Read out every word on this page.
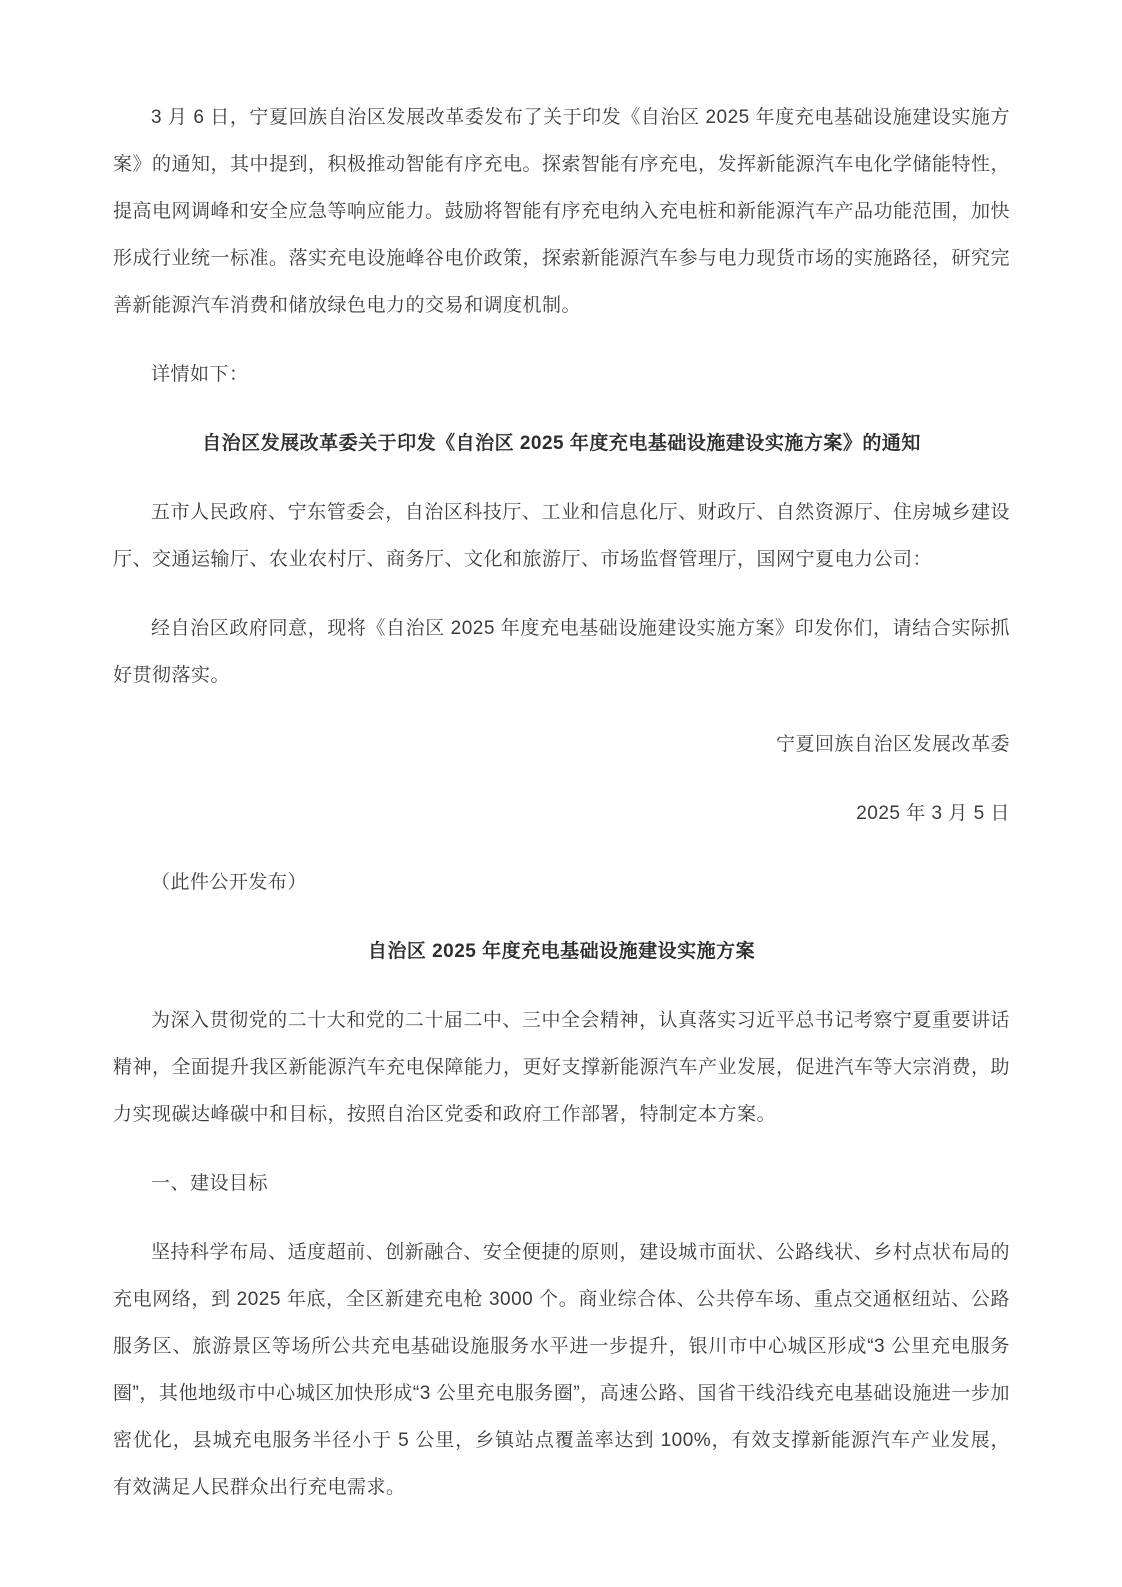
3 月 6 日，宁夏回族自治区发展改革委发布了关于印发《自治区 2025 年度充电基础设施建设实施方案》的通知，其中提到，积极推动智能有序充电。探索智能有序充电，发挥新能源汽车电化学储能特性，提高电网调峰和安全应急等响应能力。鼓励将智能有序充电纳入充电桩和新能源汽车产品功能范围，加快形成行业统一标准。落实充电设施峰谷电价政策，探索新能源汽车参与电力现货市场的实施路径，研究完善新能源汽车消费和储放绿色电力的交易和调度机制。

详情如下：

自治区发展改革委关于印发《自治区 2025 年度充电基础设施建设实施方案》的通知

五市人民政府、宁东管委会，自治区科技厅、工业和信息化厅、财政厅、自然资源厅、住房城乡建设厅、交通运输厅、农业农村厅、商务厅、文化和旅游厅、市场监督管理厅，国网宁夏电力公司：

经自治区政府同意，现将《自治区 2025 年度充电基础设施建设实施方案》印发你们，请结合实际抓好贯彻落实。

宁夏回族自治区发展改革委

2025 年 3 月 5 日

（此件公开发布）

自治区 2025 年度充电基础设施建设实施方案

为深入贯彻党的二十大和党的二十届二中、三中全会精神，认真落实习近平总书记考察宁夏重要讲话精神，全面提升我区新能源汽车充电保障能力，更好支撑新能源汽车产业发展，促进汽车等大宗消费，助力实现碳达峰碳中和目标，按照自治区党委和政府工作部署，特制定本方案。

一、建设目标

坚持科学布局、适度超前、创新融合、安全便捷的原则，建设城市面状、公路线状、乡村点状布局的充电网络，到 2025 年底，全区新建充电枪 3000 个。商业综合体、公共停车场、重点交通枢纽站、公路服务区、旅游景区等场所公共充电基础设施服务水平进一步提升，银川市中心城区形成“3 公里充电服务圈”，其他地级市中心城区加快形成“3 公里充电服务圈”，高速公路、国省干线沿线充电基础设施进一步加密优化，县城充电服务半径小于 5 公里，乡镇站点覆盖率达到 100%，有效支撑新能源汽车产业发展，有效满足人民群众出行充电需求。
